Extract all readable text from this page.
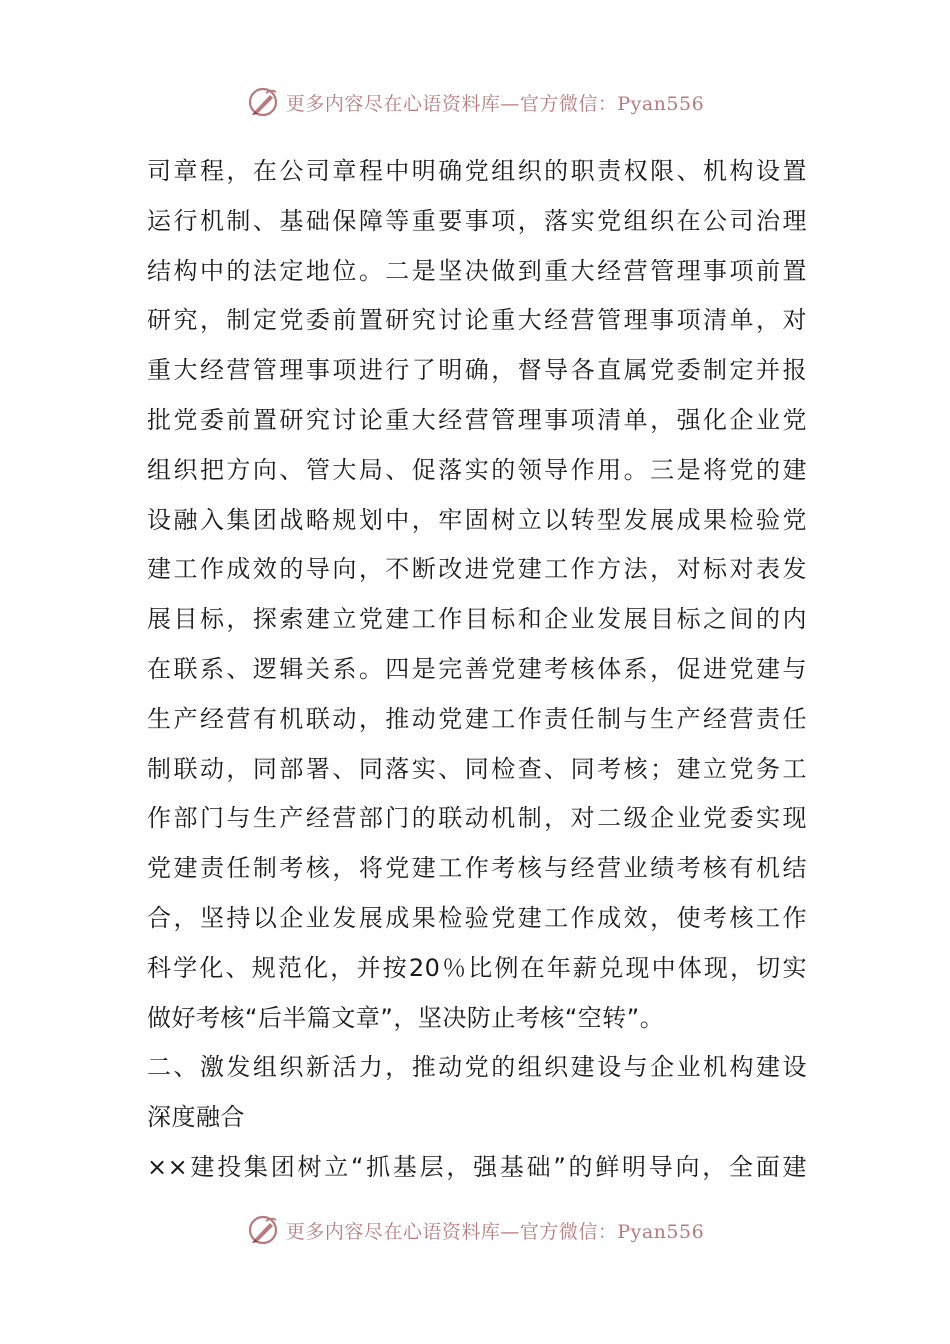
更多内容尽在心语资料库—官方微信：Pyan556
司章程，在公司章程中明确党组织的职责权限、机构设置
运行机制、基础保障等重要事项，落实党组织在公司治理
结构中的法定地位。二是坚决做到重大经营管理事项前置
研究，制定党委前置研究讨论重大经营管理事项清单，对
重大经营管理事项进行了明确，督导各直属党委制定并报
批党委前置研究讨论重大经营管理事项清单，强化企业党
组织把方向、管大局、促落实的领导作用。三是将党的建
设融入集团战略规划中，牢固树立以转型发展成果检验党
建工作成效的导向，不断改进党建工作方法，对标对表发
展目标，探索建立党建工作目标和企业发展目标之间的内
在联系、逻辑关系。四是完善党建考核体系，促进党建与
生产经营有机联动，推动党建工作责任制与生产经营责任
制联动，同部署、同落实、同检查、同考核；建立党务工
作部门与生产经营部门的联动机制，对二级企业党委实现
党建责任制考核，将党建工作考核与经营业绩考核有机结
合，坚持以企业发展成果检验党建工作成效，使考核工作
科学化、规范化，并按20％比例在年薪兑现中体现，切实
做好考核“后半篇文章”，坚决防止考核“空转”。
二、激发组织新活力，推动党的组织建设与企业机构建设
深度融合
××建投集团树立“抓基层，强基础”的鲜明导向，全面建
更多内容尽在心语资料库—官方微信：Pyan556
